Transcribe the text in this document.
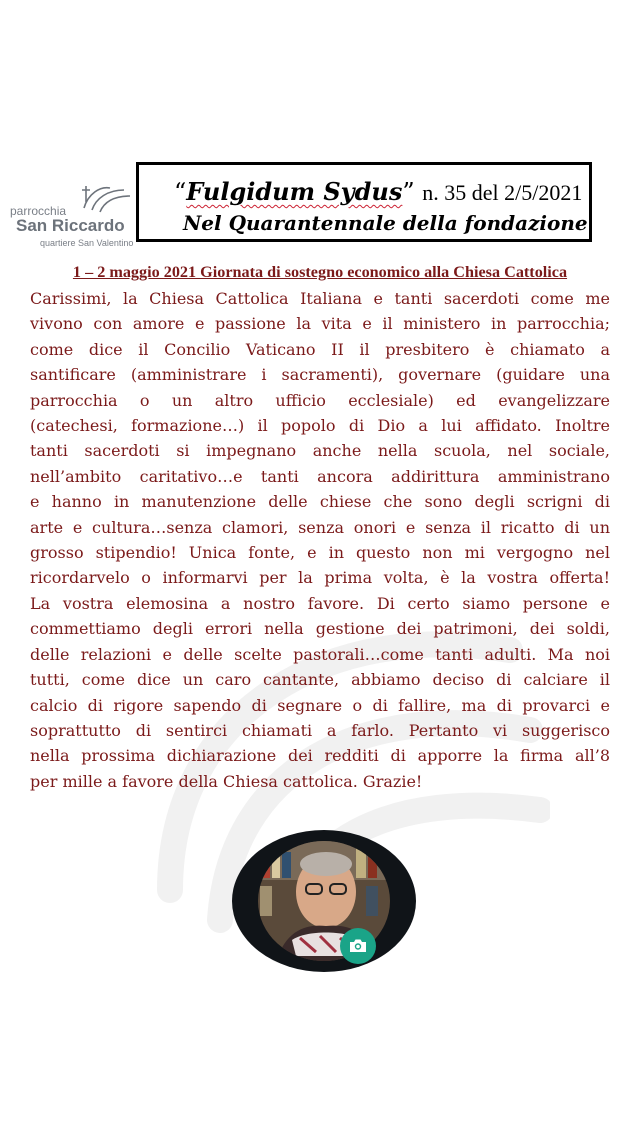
parrocchia
San Riccardo
quartiere San Valentino
“Fulgidum Sydus” n. 35 del 2/5/2021
Nel Quarantennale della fondazione
1 – 2 maggio 2021 Giornata di sostegno economico alla Chiesa Cattolica
Carissimi, la Chiesa Cattolica Italiana e tanti sacerdoti come me
vivono con amore e passione la vita e il ministero in parrocchia;
come dice il Concilio Vaticano II il presbitero è chiamato a
santificare (amministrare i sacramenti), governare (guidare una
parrocchia o un altro ufficio ecclesiale) ed evangelizzare
(catechesi, formazione…) il popolo di Dio a lui affidato. Inoltre
tanti sacerdoti si impegnano anche nella scuola, nel sociale,
nell’ambito caritativo…e tanti ancora addirittura amministrano
e hanno in manutenzione delle chiese che sono degli scrigni di
arte e cultura…senza clamori, senza onori e senza il ricatto di un
grosso stipendio! Unica fonte, e in questo non mi vergogno nel
ricordarvelo o informarvi per la prima volta, è la vostra offerta!
La vostra elemosina a nostro favore. Di certo siamo persone e
commettiamo degli errori nella gestione dei patrimoni, dei soldi,
delle relazioni e delle scelte pastorali…come tanti adulti. Ma noi
tutti, come dice un caro cantante, abbiamo deciso di calciare il
calcio di rigore sapendo di segnare o di fallire, ma di provarci e
soprattutto di sentirci chiamati a farlo. Pertanto vi suggerisco
nella prossima dichiarazione dei redditi di apporre la firma all’8
per mille a favore della Chiesa cattolica. Grazie!
